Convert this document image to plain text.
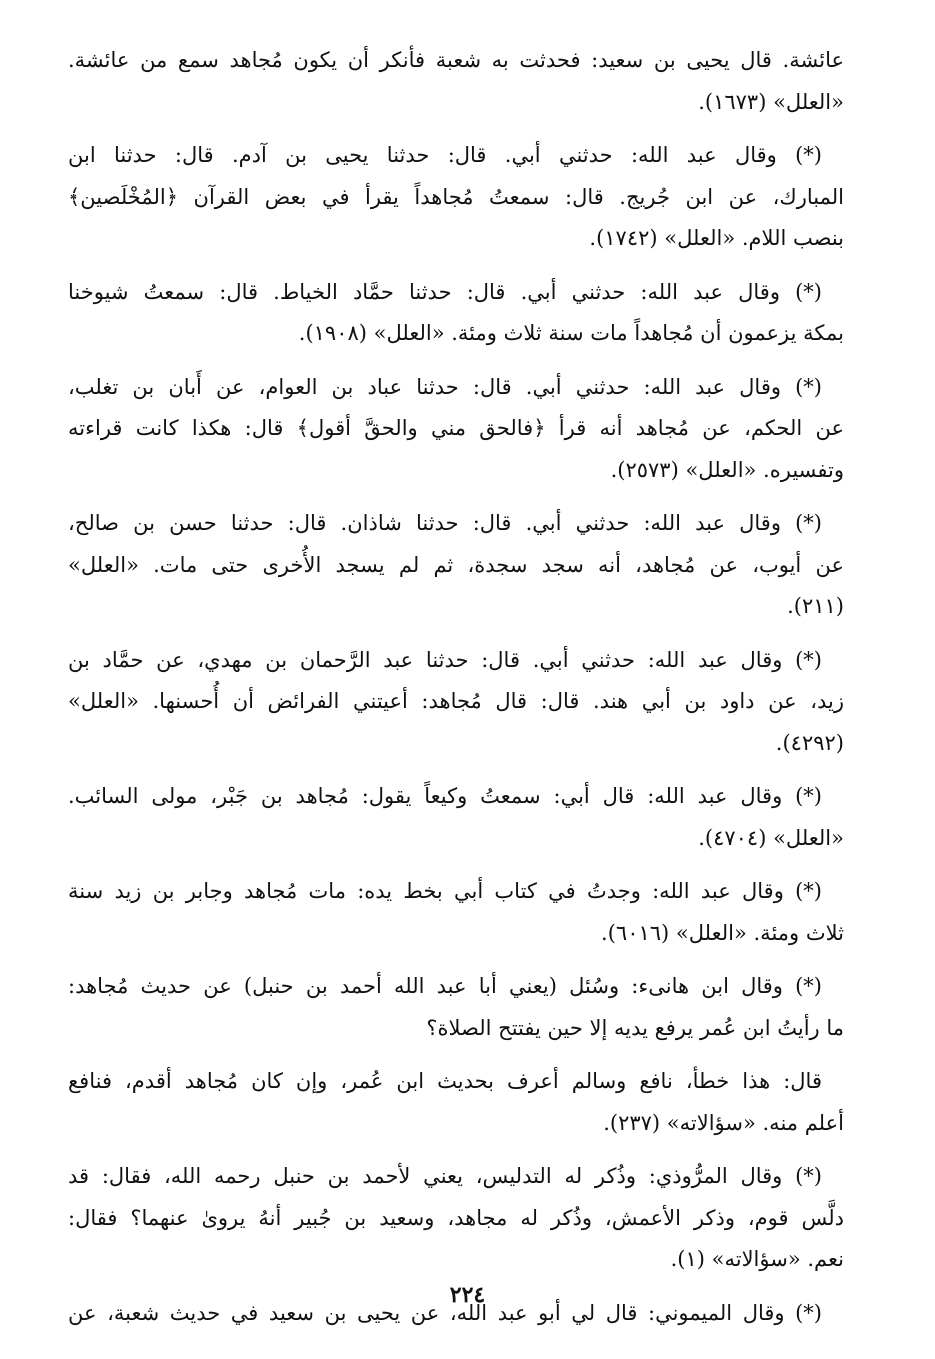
عائشة. قال يحيى بن سعيد: فحدثت به شعبة فأنكر أن يكون مُجاهد سمع من عائشة.
«العلل» (١٦٧٣).
(*) وقال عبد الله: حدثني أبي. قال: حدثنا يحيى بن آدم. قال: حدثنا ابن
المبارك، عن ابن جُريج. قال: سمعتُ مُجاهداً يقرأ في بعض القرآن ﴿المُخْلَصين﴾
بنصب اللام. «العلل» (١٧٤٢).
(*) وقال عبد الله: حدثني أبي. قال: حدثنا حمَّاد الخياط. قال: سمعتُ شيوخنا
بمكة يزعمون أن مُجاهداً مات سنة ثلاث ومئة. «العلل» (١٩٠٨).
(*) وقال عبد الله: حدثني أبي. قال: حدثنا عباد بن العوام، عن أَبان بن تغلب،
عن الحكم، عن مُجاهد أنه قرأ ﴿فالحق مني والحقَّ أقول﴾ قال: هكذا كانت قراءته
وتفسيره. «العلل» (٢٥٧٣).
(*) وقال عبد الله: حدثني أبي. قال: حدثنا شاذان. قال: حدثنا حسن بن صالح،
عن أيوب، عن مُجاهد، أنه سجد سجدة، ثم لم يسجد الأُخرى حتى مات. «العلل»
(٢١١).
(*) وقال عبد الله: حدثني أبي. قال: حدثنا عبد الرَّحمان بن مهدي، عن حمَّاد بن
زيد، عن داود بن أبي هند. قال: قال مُجاهد: أعيتني الفرائض أن أُحسنها. «العلل»
(٤٢٩٢).
(*) وقال عبد الله: قال أبي: سمعتُ وكيعاً يقول: مُجاهد بن جَبْر، مولى السائب.
«العلل» (٤٧٠٤).
(*) وقال عبد الله: وجدتُ في كتاب أبي بخط يده: مات مُجاهد وجابر بن زيد سنة
ثلاث ومئة. «العلل» (٦٠١٦).
(*) وقال ابن هانىء: وسُئل (يعني أبا عبد الله أحمد بن حنبل) عن حديث مُجاهد:
ما رأيتُ ابن عُمر يرفع يديه إلا حين يفتتح الصلاة؟
قال: هذا خطأ، نافع وسالم أعرف بحديث ابن عُمر، وإن كان مُجاهد أقدم، فنافع
أعلم منه. «سؤالاته» (٢٣٧).
(*) وقال المرُّوذي: وذُكر له التدليس، يعني لأحمد بن حنبل رحمه الله، فقال: قد
دلَّس قوم، وذكر الأعمش، وذُكر له مجاهد، وسعيد بن جُبير أنهُ يروىٰ عنهما؟ فقال:
نعم. «سؤالاته» (١).
(*) وقال الميموني: قال لي أبو عبد الله، عن يحيى بن سعيد في حديث شعبة، عن
٢٢٤
